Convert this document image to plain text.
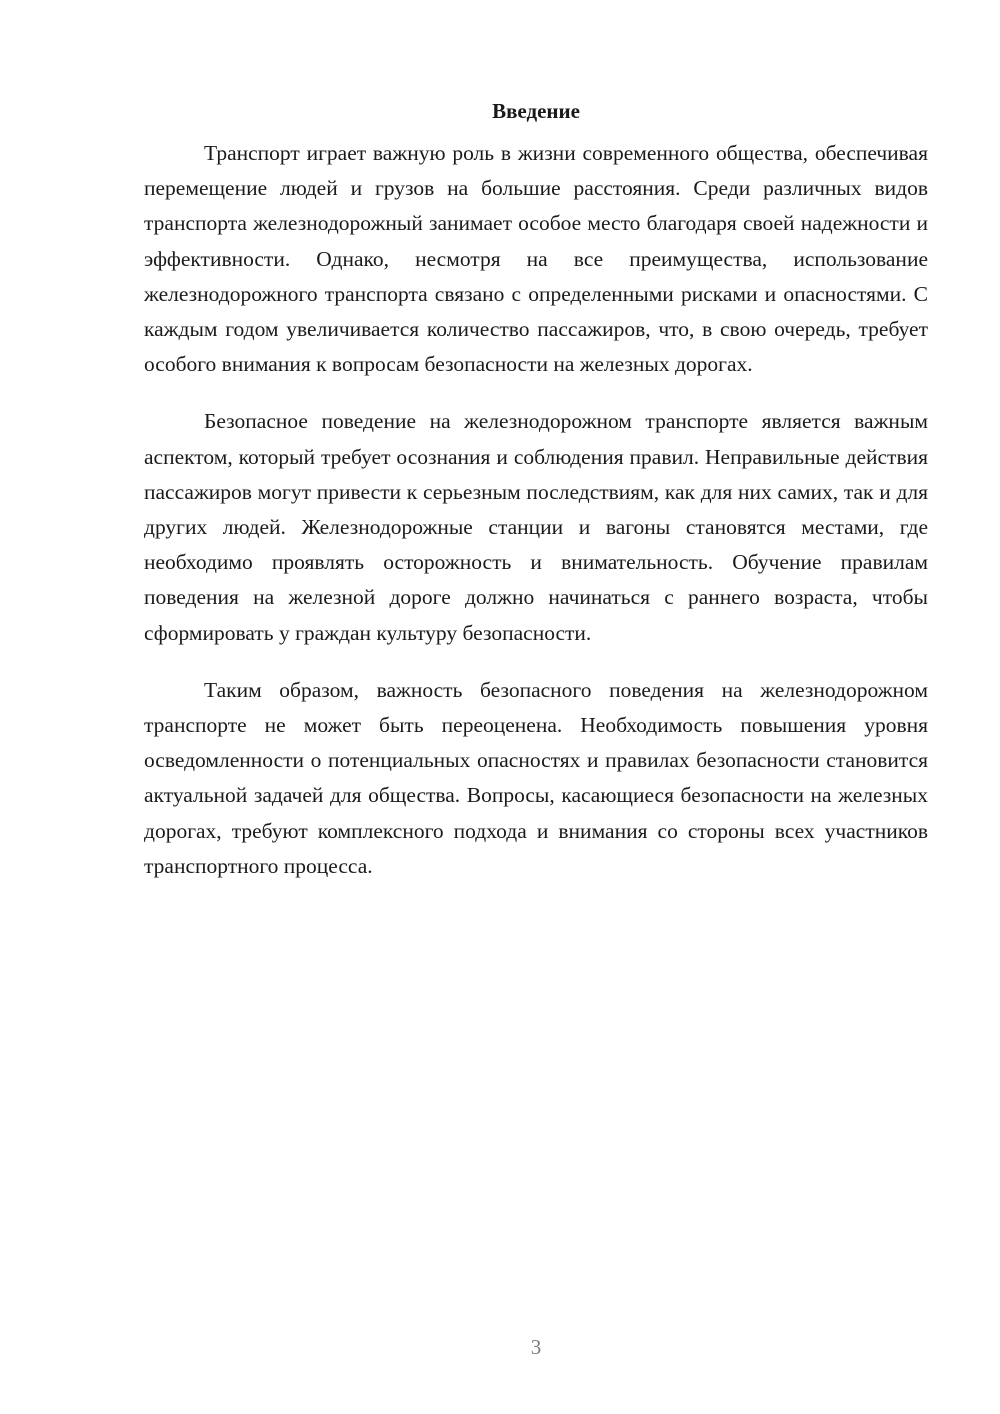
Введение

Транспорт играет важную роль в жизни современного общества, обеспечивая перемещение людей и грузов на большие расстояния. Среди различных видов транспорта железнодорожный занимает особое место благодаря своей надежности и эффективности. Однако, несмотря на все преимущества, использование железнодорожного транспорта связано с определенными рисками и опасностями. С каждым годом увеличивается количество пассажиров, что, в свою очередь, требует особого внимания к вопросам безопасности на железных дорогах.

Безопасное поведение на железнодорожном транспорте является важным аспектом, который требует осознания и соблюдения правил. Неправильные действия пассажиров могут привести к серьезным последствиям, как для них самих, так и для других людей. Железнодорожные станции и вагоны становятся местами, где необходимо проявлять осторожность и внимательность. Обучение правилам поведения на железной дороге должно начинаться с раннего возраста, чтобы сформировать у граждан культуру безопасности.

Таким образом, важность безопасного поведения на железнодорожном транспорте не может быть переоценена. Необходимость повышения уровня осведомленности о потенциальных опасностях и правилах безопасности становится актуальной задачей для общества. Вопросы, касающиеся безопасности на железных дорогах, требуют комплексного подхода и внимания со стороны всех участников транспортного процесса.

3
